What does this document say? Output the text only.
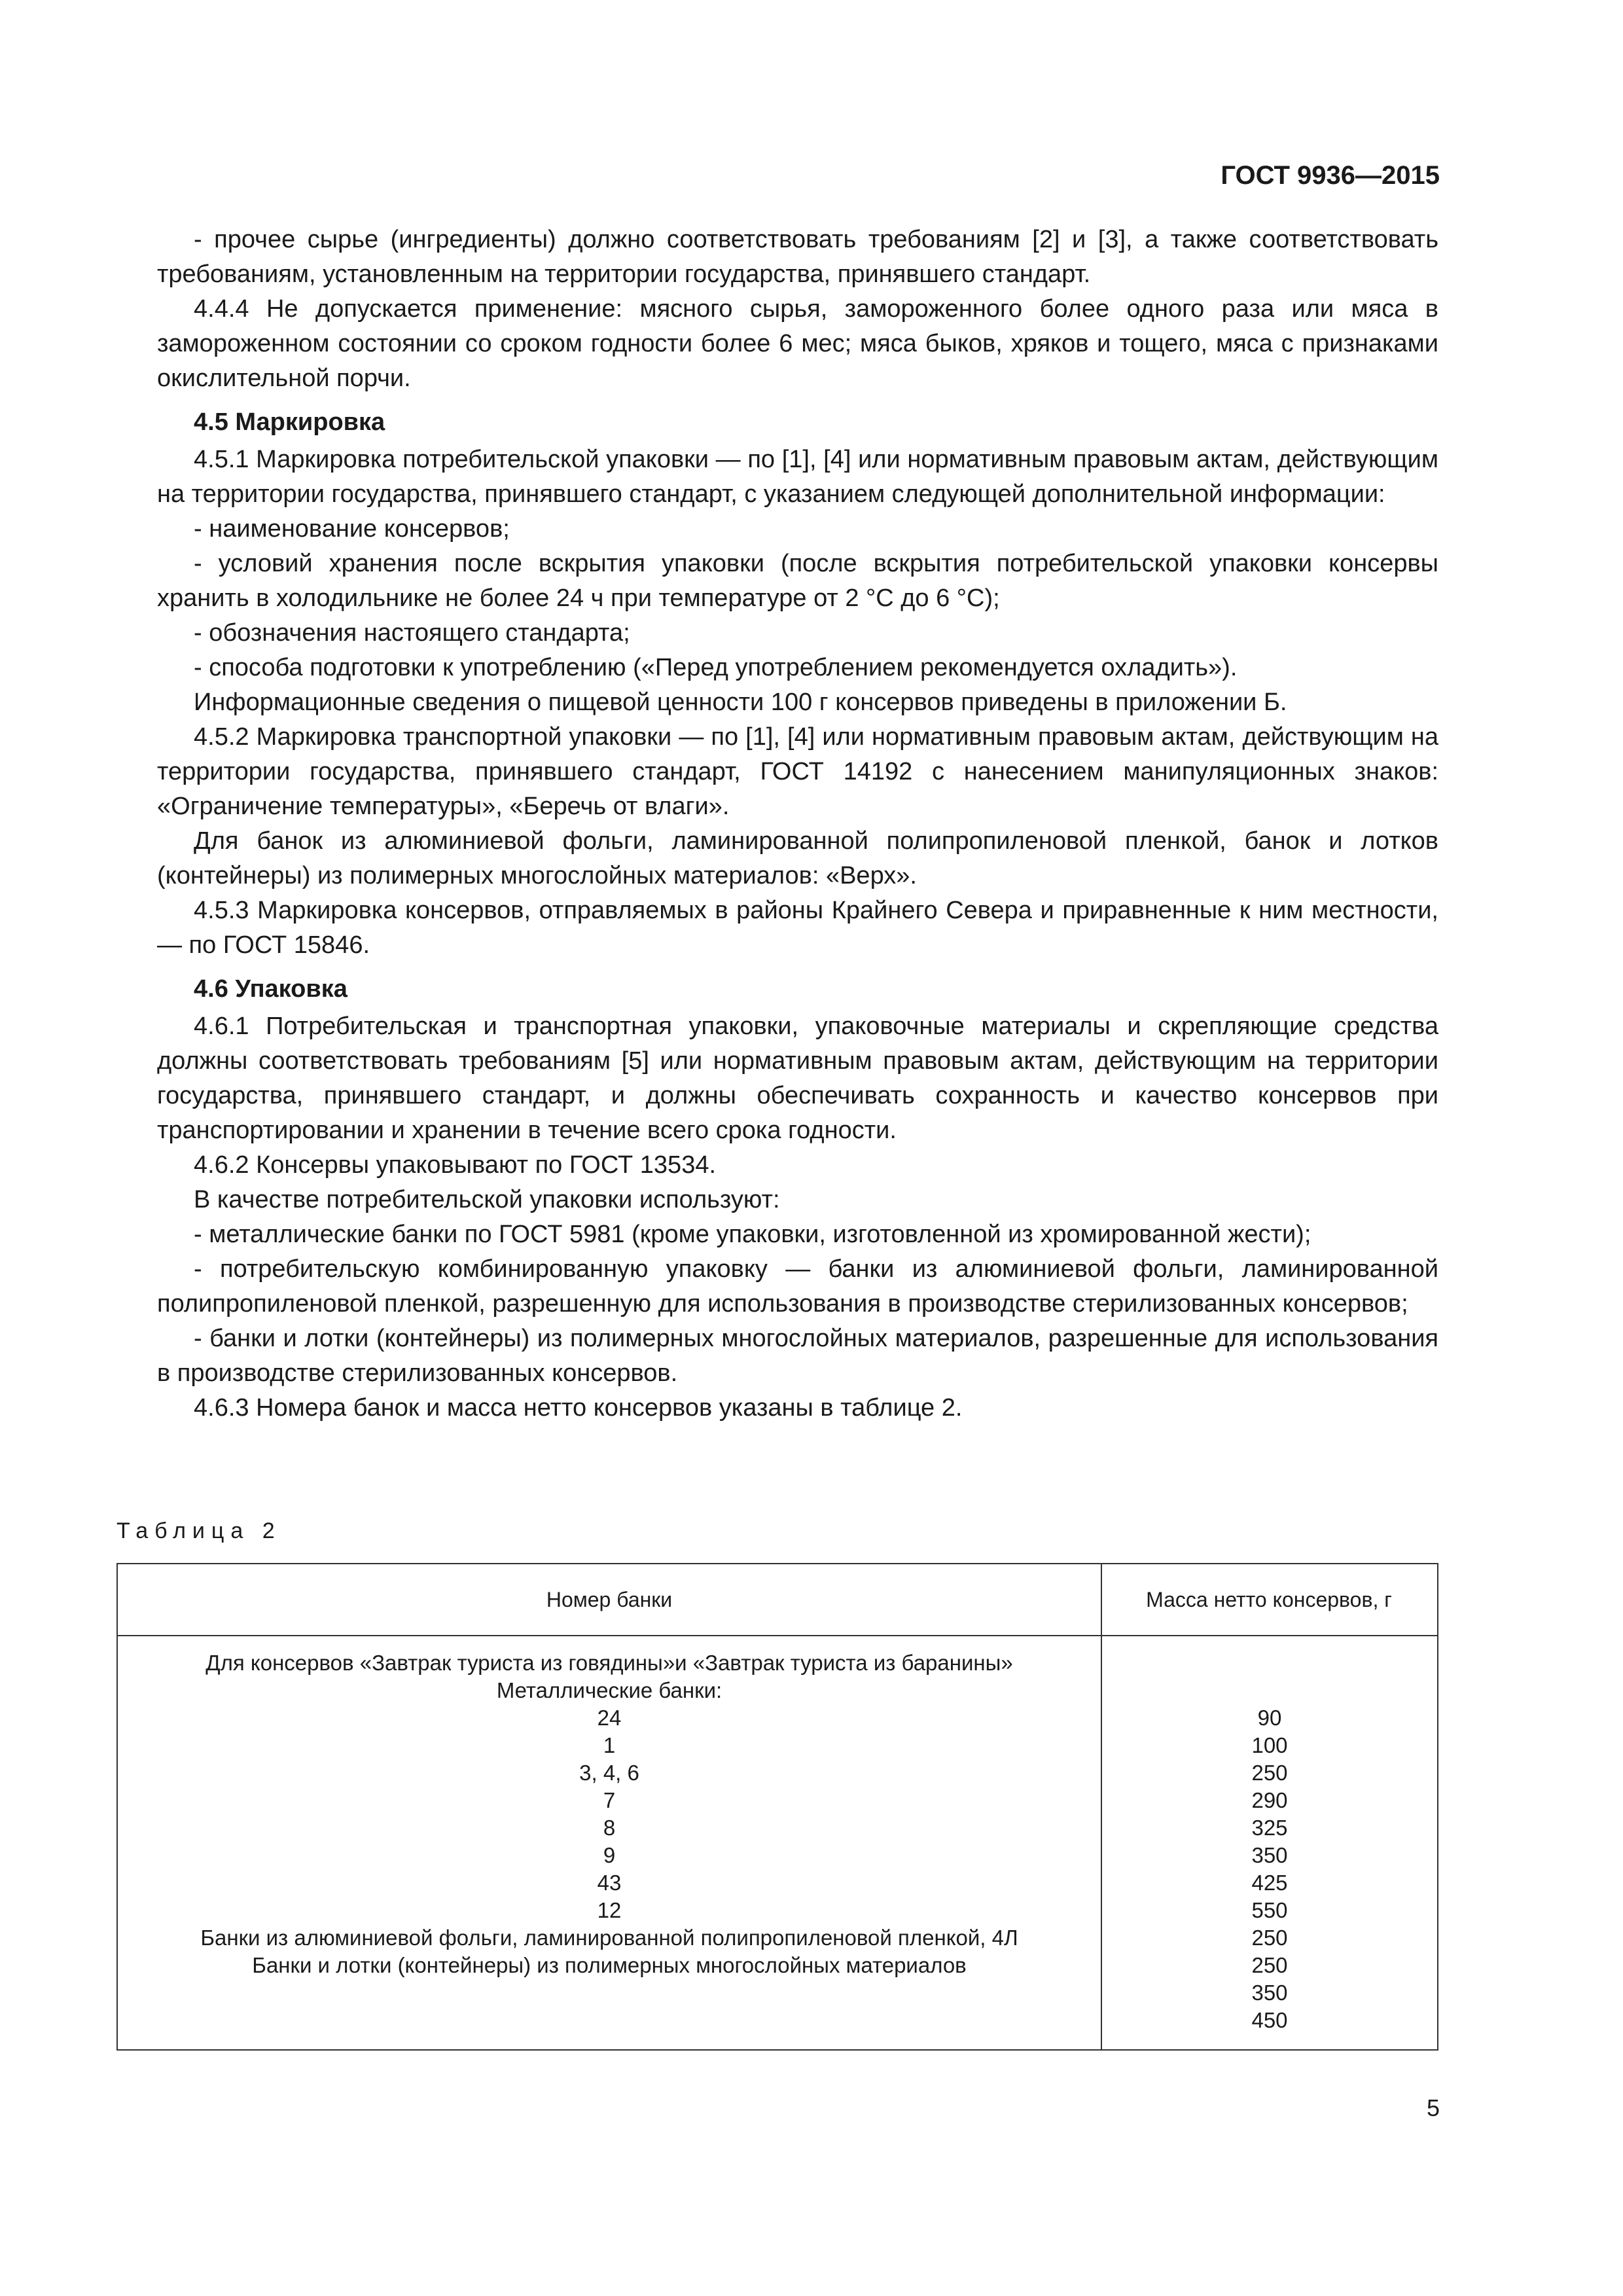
ГОСТ 9936—2015

- прочее сырье (ингредиенты) должно соответствовать требованиям [2] и [3], а также соответствовать требованиям, установленным на территории государства, принявшего стандарт.

4.4.4 Не допускается применение: мясного сырья, замороженного более одного раза или мяса в замороженном состоянии со сроком годности более 6 мес; мяса быков, хряков и тощего, мяса с признаками окислительной порчи.

4.5 Маркировка

4.5.1 Маркировка потребительской упаковки — по [1], [4] или нормативным правовым актам, действующим на территории государства, принявшего стандарт, с указанием следующей дополнительной информации:

- наименование консервов;

- условий хранения после вскрытия упаковки (после вскрытия потребительской упаковки консервы хранить в холодильнике не более 24 ч при температуре от 2 °С до 6 °С);

- обозначения настоящего стандарта;

- способа подготовки к употреблению («Перед употреблением рекомендуется охладить»).

Информационные сведения о пищевой ценности 100 г консервов приведены в приложении Б.

4.5.2 Маркировка транспортной упаковки — по [1], [4] или нормативным правовым актам, действующим на территории государства, принявшего стандарт, ГОСТ 14192 с нанесением манипуляционных знаков: «Ограничение температуры», «Беречь от влаги».

Для банок из алюминиевой фольги, ламинированной полипропиленовой пленкой, банок и лотков (контейнеры) из полимерных многослойных материалов: «Верх».

4.5.3 Маркировка консервов, отправляемых в районы Крайнего Севера и приравненные к ним местности, — по ГОСТ 15846.

4.6 Упаковка

4.6.1 Потребительская и транспортная упаковки, упаковочные материалы и скрепляющие средства должны соответствовать требованиям [5] или нормативным правовым актам, действующим на территории государства, принявшего стандарт, и должны обеспечивать сохранность и качество консервов при транспортировании и хранении в течение всего срока годности.

4.6.2 Консервы упаковывают по ГОСТ 13534.

В качестве потребительской упаковки используют:

- металлические банки по ГОСТ 5981 (кроме упаковки, изготовленной из хромированной жести);

- потребительскую комбинированную упаковку — банки из алюминиевой фольги, ламинированной полипропиленовой пленкой, разрешенную для использования в производстве стерилизованных консервов;

- банки и лотки (контейнеры) из полимерных многослойных материалов, разрешенные для использования в производстве стерилизованных консервов.

4.6.3 Номера банок и масса нетто консервов указаны в таблице 2.

Таблица 2
Номер банки	Масса нетто консервов, г
Для консервов «Завтрак туриста из говядины»и «Завтрак туриста из баранины»
Металлические банки:
24
1
3, 4, 6
7
8
9
43
12
Банки из алюминиевой фольги, ламинированной полипропиленовой пленкой, 4Л
Банки и лотки (контейнеры) из полимерных многослойных материалов
90
100
250
290
325
350
425
550
250
250
350
450
5
